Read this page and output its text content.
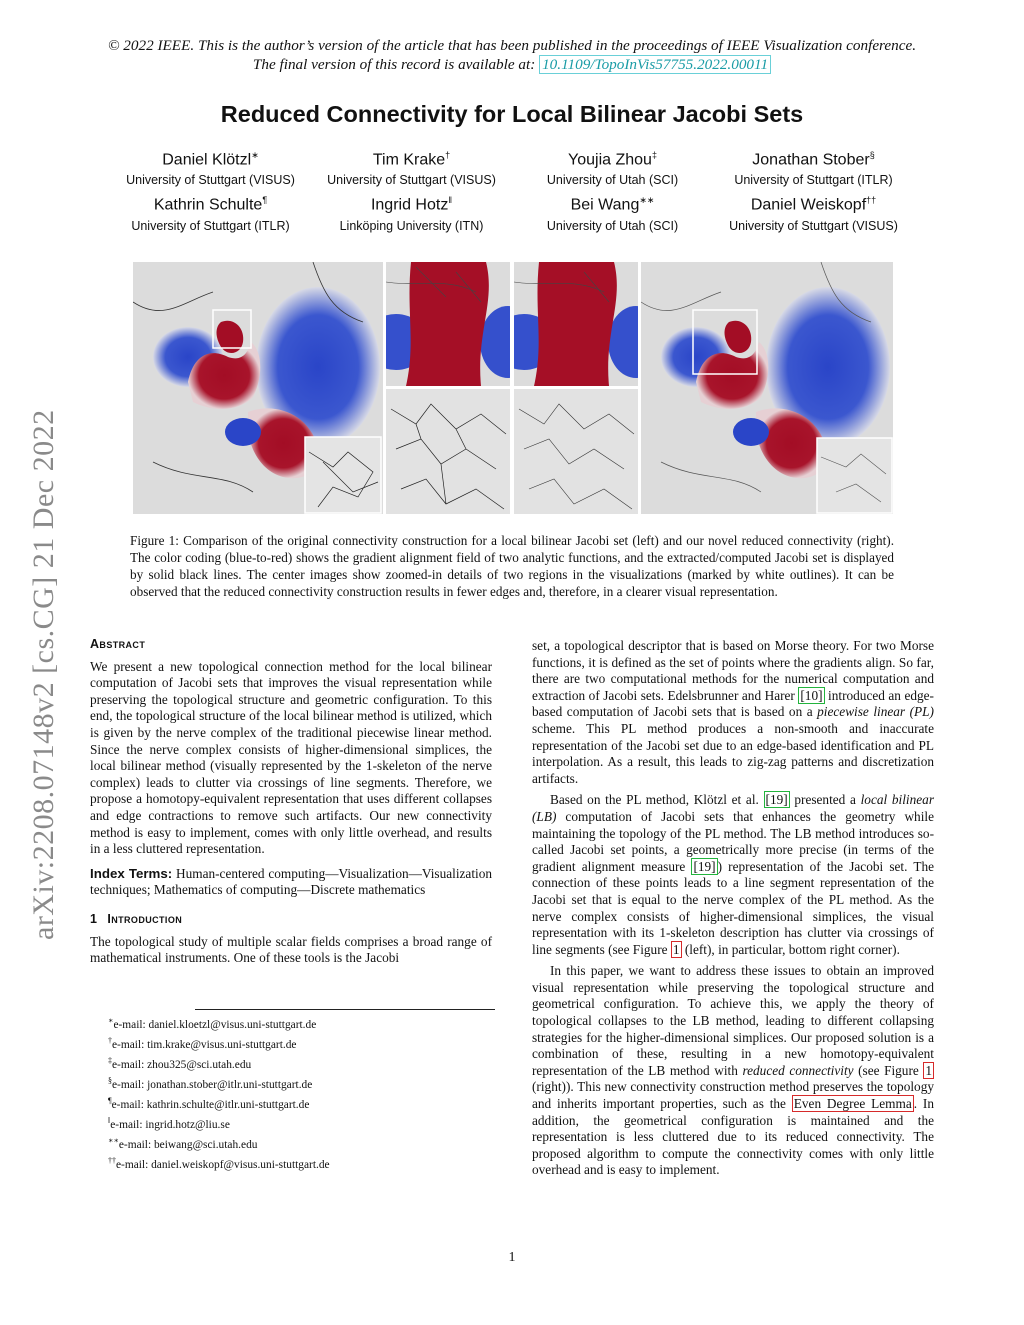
© 2022 IEEE. This is the author’s version of the article that has been published in the proceedings of IEEE Visualization conference. The final version of this record is available at: 10.1109/TopoInVis57755.2022.00011
Reduced Connectivity for Local Bilinear Jacobi Sets
Daniel Klötzl∗
University of Stuttgart (VISUS)
Tim Krake†
University of Stuttgart (VISUS)
Youjia Zhou‡
University of Utah (SCI)
Jonathan Stober§
University of Stuttgart (ITLR)
Kathrin Schulte¶
University of Stuttgart (ITLR)
Ingrid Hotz‖
Linköping University (ITN)
Bei Wang∗∗
University of Utah (SCI)
Daniel Weiskopf††
University of Stuttgart (VISUS)
Figure 1: Comparison of the original connectivity construction for a local bilinear Jacobi set (left) and our novel reduced connectivity (right). The color coding (blue-to-red) shows the gradient alignment field of two analytic functions, and the extracted/computed Jacobi set is displayed by solid black lines. The center images show zoomed-in details of two regions in the visualizations (marked by white outlines). It can be observed that the reduced connectivity construction results in fewer edges and, therefore, in a clearer visual representation.
arXiv:2208.07148v2 [cs.CG] 21 Dec 2022	Abstract

We present a new topological connection method for the local bilinear computation of Jacobi sets that improves the visual representation while preserving the topological structure and geometric configuration. To this end, the topological structure of the local bilinear method is utilized, which is given by the nerve complex of the traditional piecewise linear method. Since the nerve complex consists of higher-dimensional simplices, the local bilinear method (visually represented by the 1-skeleton of the nerve complex) leads to clutter via crossings of line segments. Therefore, we propose a homotopy-equivalent representation that uses different collapses and edge contractions to remove such artifacts. Our new connectivity method is easy to implement, comes with only little overhead, and results in a less cluttered representation.

Index Terms: Human-centered computing—Visualization—Visualization techniques; Mathematics of computing—Discrete mathematics

1 Introduction

The topological study of multiple scalar fields comprises a broad range of mathematical instruments. One of these tools is the Jacobi

∗e-mail: daniel.kloetzl@visus.uni-stuttgart.de
†e-mail: tim.krake@visus.uni-stuttgart.de
‡e-mail: zhou325@sci.utah.edu
§e-mail: jonathan.stober@itlr.uni-stuttgart.de
¶e-mail: kathrin.schulte@itlr.uni-stuttgart.de
‖e-mail: ingrid.hotz@liu.se
∗∗e-mail: beiwang@sci.utah.edu
††e-mail: daniel.weiskopf@visus.uni-stuttgart.de

set, a topological descriptor that is based on Morse theory. For two Morse functions, it is defined as the set of points where the gradients align. So far, there are two computational methods for the numerical computation and extraction of Jacobi sets. Edelsbrunner and Harer [10] introduced an edge-based computation of Jacobi sets that is based on a piecewise linear (PL) scheme. This PL method produces a non-smooth and inaccurate representation of the Jacobi set due to an edge-based identification and PL interpolation. As a result, this leads to zig-zag patterns and discretization artifacts.

Based on the PL method, Klötzl et al. [19] presented a local bilinear (LB) computation of Jacobi sets that enhances the geometry while maintaining the topology of the PL method. The LB method introduces so-called Jacobi set points, a geometrically more precise (in terms of the gradient alignment measure [19] ) representation of the Jacobi set. The connection of these points leads to a line segment representation of the Jacobi set that is equal to the nerve complex of the PL method. As the nerve complex consists of higher-dimensional simplices, the visual representation with its 1-skeleton description has clutter via crossings of line segments (see Figure 1 (left), in particular, bottom right corner).

In this paper, we want to address these issues to obtain an improved visual representation while preserving the topological structure and geometrical configuration. To achieve this, we apply the theory of topological collapses to the LB method, leading to different collapsing strategies for the higher-dimensional simplices. Our proposed solution is a combination of these, resulting in a new homotopy-equivalent representation of the LB method with reduced connectivity (see Figure 1 (right)). This new connectivity construction method preserves the topology and inherits important properties, such as the Even Degree Lemma . In addition, the geometrical configuration is maintained and the representation is less cluttered due to its reduced connectivity. The proposed algorithm to compute the connectivity comes with only little overhead and is easy to implement.

1
